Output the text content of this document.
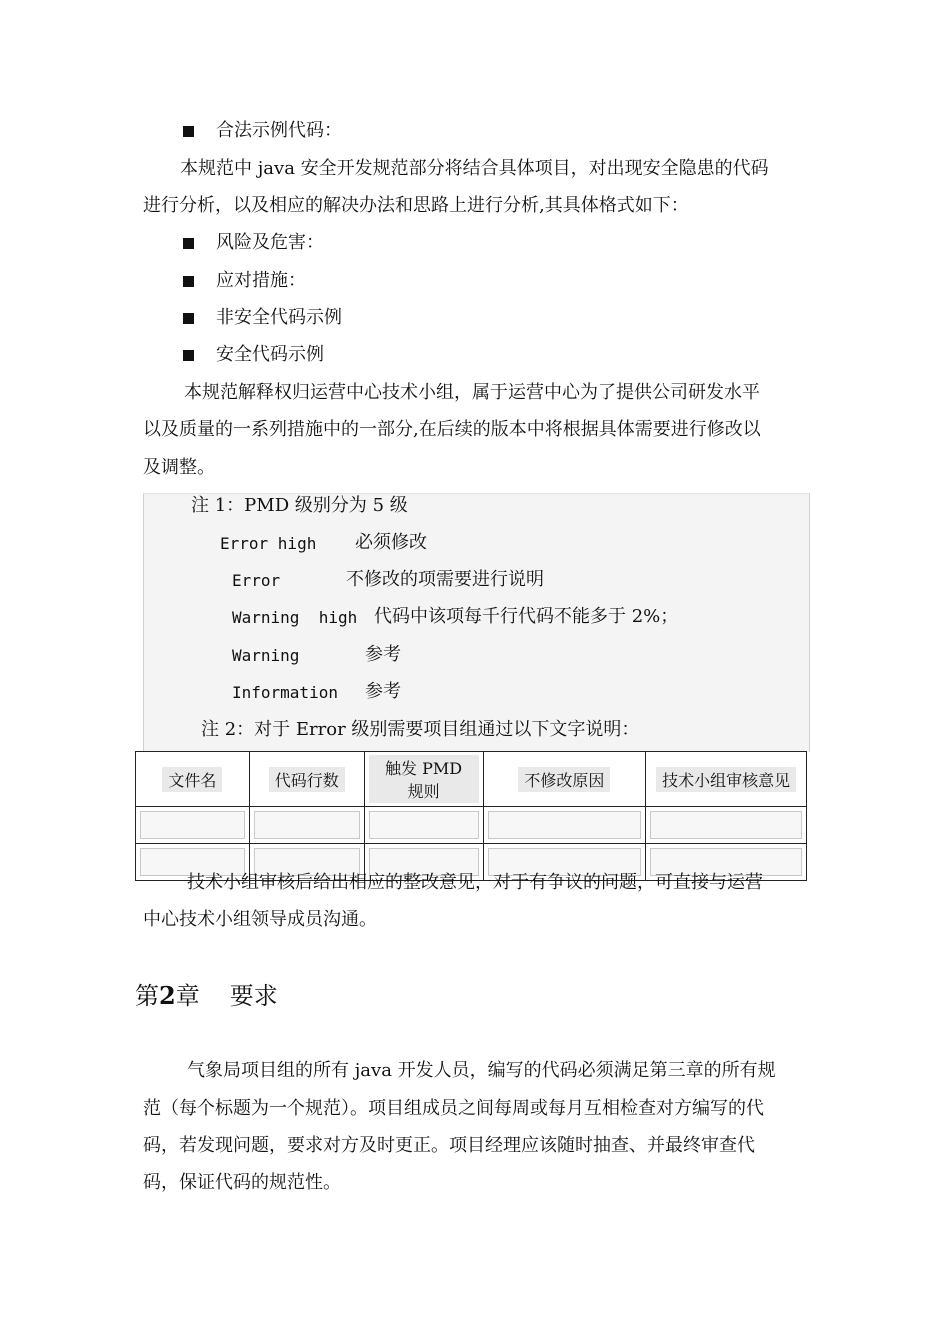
合法示例代码：
本规范中 java 安全开发规范部分将结合具体项目，对出现安全隐患的代码
进行分析，以及相应的解决办法和思路上进行分析,其具体格式如下：
风险及危害：
应对措施：
非安全代码示例
安全代码示例
本规范解释权归运营中心技术小组，属于运营中心为了提供公司研发水平
以及质量的一系列措施中的一部分,在后续的版本中将根据具体需要进行修改以
及调整。
注 1：PMD 级别分为 5 级
Error high 必须修改
Error	不修改的项需要进行说明
Warning  high 代码中该项每千行代码不能多于 2%；
Warning	参考
Information 参考
注 2：对于 Error 级别需要项目组通过以下文字说明：
文件名	代码行数	触发 PMD 规则	不修改原因	技术小组审核意见

技术小组审核后给出相应的整改意见，对于有争议的问题，可直接与运营
中心技术小组领导成员沟通。
第2章 要求
气象局项目组的所有 java 开发人员，编写的代码必须满足第三章的所有规
范（每个标题为一个规范）。项目组成员之间每周或每月互相检查对方编写的代
码，若发现问题，要求对方及时更正。项目经理应该随时抽查、并最终审查代
码，保证代码的规范性。
